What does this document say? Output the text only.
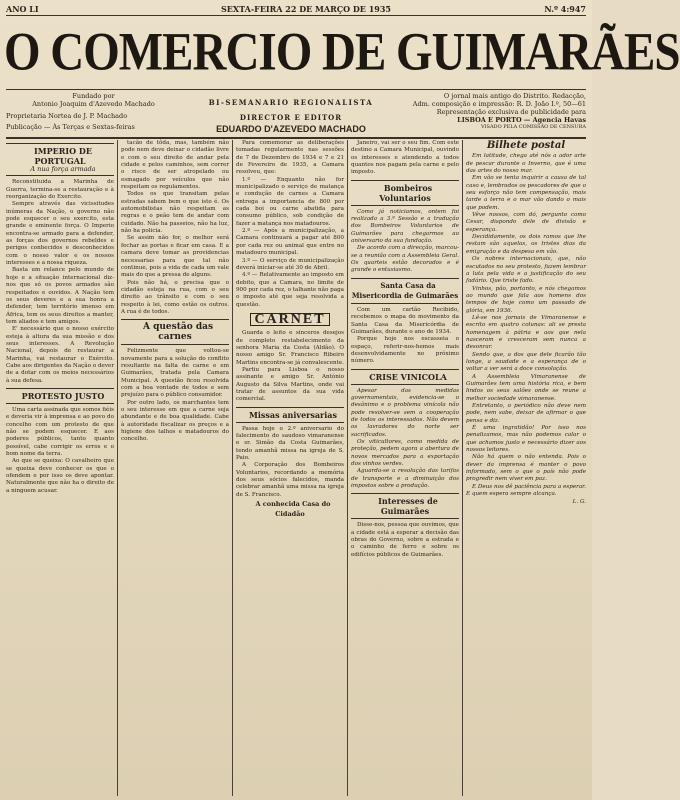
ANO LI	SEXTA-FEIRA 22 DE MARÇO DE 1935	N.º 4:947
O COMERCIO DE GUIMARÃES
Fundado por
Antonio Joaquim d'Azevedo Machado
Proprietaria Nortea de J. P. Machado
Publicação — Às Terças e Sextas-feiras
BI-SEMANARIO REGIONALISTA
DIRECTOR E EDITOR
EDUARDO D'AZEVEDO MACHADO
O jornal mais antigo do Distrito. Redacção,
Adm. composição e impressão: R. D. João I.º, 50—61
Representação exclusiva de publicidade para
LISBOA E PORTO — Agencia Havas
VISADO PELA COMISSÃO DE CENSURA

IMPERIO DE PORTUGAL

A nua força armada

Reconstituida a Marinha de Guerra, termina-se a restauração e à reorganização do Exercito.

Sempre através das vicissitudes inúmeras da Nação, o governo não pode esquecer o seu exercito, esta grande e eminente força. O Imperio encontra-se armado para a defender, as forças dos governos rebeldes e perigos conhecidos e desconhecidos com o nosso valor e os nossos interesses e a nossa riqueza.

Basta um relance pelo mundo de hoje e a situação internacional diz-nos que só os povos armados são respeitados e ouvidos. A Nação tem os seus deveres e a sua honra a defender, tem território imenso em África, tem os seus direitos a manter, tem aliados e tem amigos.

E' necessário que o nosso exército esteja à altura da sua missão e dos seus interesses. A Revolução Nacional, depois de restaurar a Marinha, vai restaurar o Exército. Cabe aos dirigentes da Nação o dever de a dotar com os meios necessários à sua defesa.

PROTESTO JUSTO

Uma carta assinada que somos fiéis e deveria vir à imprensa e ao povo do concelho com um protesto de que não se podem esquecer. E aos poderes públicos, tanto quanto possível, cabe corrigir os erros e o bom nome da terra.

Ao que se queixa: O cavalheiro que se queixa deve conhecer os que o ofendem e por isso os deve apontar. Naturalmente que não ha o direito de a ninguem acusar.

tacão de tôda, mas, também não pode nem deve deixar o cidadão livre e com o seu direito de andar pela cidade e pelos caminhos, sem correr o risco de ser atropelado ou esmagado por veículos que não respeitam os regulamentos.

Todos os que transitam pelas estradas sabem bem o que isto é. Os automobilistas não respeitam as regras e o peão tem de andar com cuidado. Não ha passeios, não ha luz, não ha policia.

Se assim não for, o melhor será fechar as portas e ficar em casa. E a camara deve tomar as providencias necessarias para que tal não continue, pois a vida de cada um vale mais do que a pressa de alguns.

Pois não há, o precisa que o cidadão esteja na rua, com o seu direito ao trânsito e com o seu respeito à lei, como estão os outros. A rua é de todos.

A questão das carnes

Felizmente que voltou-se novamente para a solução do conflito resultante na falta de carne e em Guimarães, tratada pela Camara Municipal. A questão ficou resolvida com a boa vontade de todos e sem prejuízo para o público consumidor.

Por outro lado, os marchantes tem o seu interesse em que a carne seja abundante e de boa qualidade. Cabe à autoridade fiscalizar os preços e a higiene dos talhos e matadouros do concelho.

Para comemorar as deliberações tomadas regularmente nas sessões de 7 de Dezembro de 1934 e 7 e 21 de Fevereiro de 1935, a Camara resolveu, que:

1.º — Enquanto não for municipalizado o serviço de matança e condução de carnes a Camara entrega a importancia de 800 por cada boi ou carne abatida para consumo público, sob condição de fazer a matança nos matadouros.

2.º — Após a municipalização, a Camara continuará a pagar até 800 por cada rez ou animal que entre no matadouro municipal.

3.º — O serviço de municipalização deverá iniciar-se até 30 de Abril.

4.º — Relativamente ao imposto em debito, que a Camara, no limite de 900 por cada rez, o talhante não paga o imposto até que seja resolvida a questão.

CARNET

Guarda o leito e sinceros desejos de completo restabelecimento da senhora Maria da Costa (Aldão). O nosso amigo Sr. Francisco Ribeiro Martins encontra-se já convalescente.

Partiu para Lisboa o nosso assinante e amigo Sr. António Augusto da Silva Martins, onde vai tratar de assuntos da sua vida comercial.

Missas aniversarias

Passa hoje o 2.º aniversario do falecimento do saudoso vimaranense e sr. Simão da Costa Guimarães, tendo amanhã missa na igreja de S. Paio.

A Corporação dos Bombeiros Voluntarios, recordando a memória dos seus sócios falecidos, manda celebrar amanhã uma missa na igreja de S. Francisco.

A conhecida Casa do Cidadão

Janeiro, vai ser o seu fim. Com este destino a Camara Municipal, ouvindo os interesses e atendendo a todos quantos nos pagam pela carne e pelo imposto.

Bombeiros Voluntarios

Como já noticiamos, ontem foi realizada a 3.ª Sessão e a tradução dos Bombeiros Voluntarios de Guimarães para chegarmos ao aniversario da sua fundação.

De acordo com a direcção, marcou-se a reunião com a Assembleia Geral. Os quarteis estão decorados e é grande o entusiasmo.

Santa Casa da Misericordia de Guimarães

Com um cartão Recibido, recebemos o mapa do movimento da Santa Casa da Misericórdia de Guimarães, durante o ano de 1934.

Porque hoje nos escasseia o espaço, referir-nos-hemos mais desenvolvidamente no próximo número.

CRISE VINICOLA

Apesar das medidas governamentais, evidencia-se o desânimo e o problema vinícola não pode resolver-se sem a cooperação de todos os interessados. Não devem os lavradores do norte ser sacrificados.

Os viticultores, como medida de proteção, pedem agora a abertura de novos mercados para a exportação dos vinhos verdes.

Aguarda-se a resolução das tarifas de transporte e a diminuição dos impostos sobre a produção.

Interesses de Guimarães

Disse-nos, pessoa que ouvimos, que a cidade está a esperar a decisão das obras do Governo, sobre a estrada e o caminho de ferro e sobre os edifícios públicos de Guimarães.

Bilhete postal

Em latitude, chega até nós a ador arte de pescar durante o Inverno, que é uma das artes do nosso mar.

Em vão se tenta inquirir a causa de tal caso e, lembrados os pescadores de que o seu esforço não tem compensação, mais tarde a terra e o mar vão dando o mais que podem.

Vêve nossos, com dó, pergunto como Cesar, dispondo dele de divisão e esperança.

Decididamente, os dois ramos que lhe restam são aquelas, os tristes dias da emigração e da despesa em vão.

Os nobres internacionais, que, não escutados no seu protesto, fazem lembrar a luta pela vida e a justificação do seu fadário. Que triste fado.

Vinhos, pão, portanto, e nós chegamos ao mundo que fala aos homens dos tempos de hoje como um passado de glória, em 1936.

Lê-se nos jornais de Vimaranense e escrito em quatro colunas: ali se presta homenagem à pátria e aos que nela nasceram e cresceram sem nunca a desonrar.

Sendo que, a dos que dele ficarão tão longe, a saudade e a esperança de o voltar a ver será a doce consolação.

A Assembleia Vimaranense de Guimarães tem uma história rica, e bem lindos os seus salões onde se reune a melhor sociedade vimaranense.

Entretanto, o periódico não deve nem pode, nem sabe, deixar de afirmar o que pensa e diz.

É uma ingratidão! Por isso nos penalizamos, mas não podemos calar o que achamos justo e necessário dizer aos nossos leitores.

Não há quem o não entenda. Pois o dever da imprensa é manter o povo informado, sem o que o país não pode progredir nem viver em paz.

E Deus nos dê paciência para a esperar. E quem espera sempre alcança.

L. G.
